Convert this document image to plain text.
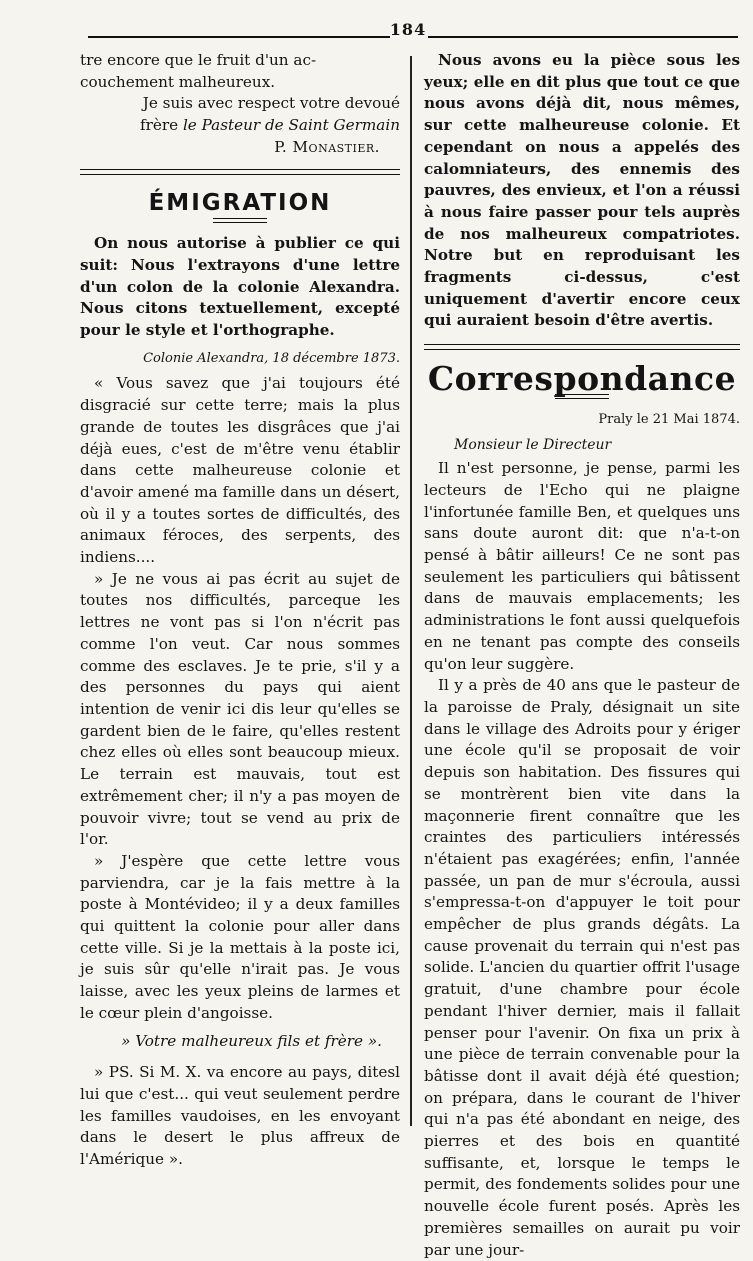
184

tre encore que le fruit d'un ac-

couchement malheureux.

Je suis avec respect votre devoué

frère le Pasteur de Saint Germain

P. Monastier.

ÉMIGRATION

On nous autorise à publier ce qui suit: Nous l'extrayons d'une lettre d'un colon de la colonie Alexandra. Nous citons textuellement, excepté pour le style et l'orthographe.

Colonie Alexandra, 18 décembre 1873.

« Vous savez que j'ai toujours été disgracié sur cette terre; mais la plus grande de toutes les disgrâces que j'ai déjà eues, c'est de m'être venu établir dans cette malheureuse colonie et d'avoir amené ma famille dans un désert, où il y a toutes sortes de difficultés, des animaux féroces, des serpents, des indiens....

» Je ne vous ai pas écrit au sujet de toutes nos difficultés, parceque les lettres ne vont pas si l'on n'écrit pas comme l'on veut. Car nous sommes comme des esclaves. Je te prie, s'il y a des personnes du pays qui aient intention de venir ici dis leur qu'elles se gardent bien de le faire, qu'elles restent chez elles où elles sont beaucoup mieux. Le terrain est mauvais, tout est extrêmement cher; il n'y a pas moyen de pouvoir vivre; tout se vend au prix de l'or.

» J'espère que cette lettre vous parviendra, car je la fais mettre à la poste à Montévideo; il y a deux familles qui quittent la colonie pour aller dans cette ville. Si je la mettais à la poste ici, je suis sûr qu'elle n'irait pas. Je vous laisse, avec les yeux pleins de larmes et le cœur plein d'angoisse.

» Votre malheureux fils et frère ».

» PS. Si M. X. va encore au pays, ditesl lui que c'est... qui veut seulement perdre les familles vaudoises, en les envoyant dans le desert le plus affreux de l'Amérique ».

Nous avons eu la pièce sous les yeux; elle en dit plus que tout ce que nous avons déjà dit, nous mêmes, sur cette malheureuse colonie. Et cependant on nous a appelés des calomniateurs, des ennemis des pauvres, des envieux, et l'on a réussi à nous faire passer pour tels auprès de nos malheureux compatriotes. Notre but en reproduisant les fragments ci-dessus, c'est uniquement d'avertir encore ceux qui auraient besoin d'être avertis.

Correspondance

Praly le 21 Mai 1874.

Monsieur le Directeur

Il n'est personne, je pense, parmi les lecteurs de l'Echo qui ne plaigne l'infortunée famille Ben, et quelques uns sans doute auront dit: que n'a-t-on pensé à bâtir ailleurs! Ce ne sont pas seulement les particuliers qui bâtissent dans de mauvais emplacements; les administrations le font aussi quelquefois en ne tenant pas compte des conseils qu'on leur suggère.

Il y a près de 40 ans que le pasteur de la paroisse de Praly, désignait un site dans le village des Adroits pour y ériger une école qu'il se proposait de voir depuis son habitation. Des fissures qui se montrèrent bien vite dans la maçonnerie firent connaître que les craintes des particuliers intéressés n'étaient pas exagérées; enfin, l'année passée, un pan de mur s'écroula, aussi s'empressa-t-on d'appuyer le toit pour empêcher de plus grands dégâts. La cause provenait du terrain qui n'est pas solide. L'ancien du quartier offrit l'usage gratuit, d'une chambre pour école pendant l'hiver dernier, mais il fallait penser pour l'avenir. On fixa un prix à une pièce de terrain convenable pour la bâtisse dont il avait déjà été question; on prépara, dans le courant de l'hiver qui n'a pas été abondant en neige, des pierres et des bois en quantité suffisante, et, lorsque le temps le permit, des fondements solides pour une nouvelle école furent posés. Après les premières semailles on aurait pu voir par une jour-
